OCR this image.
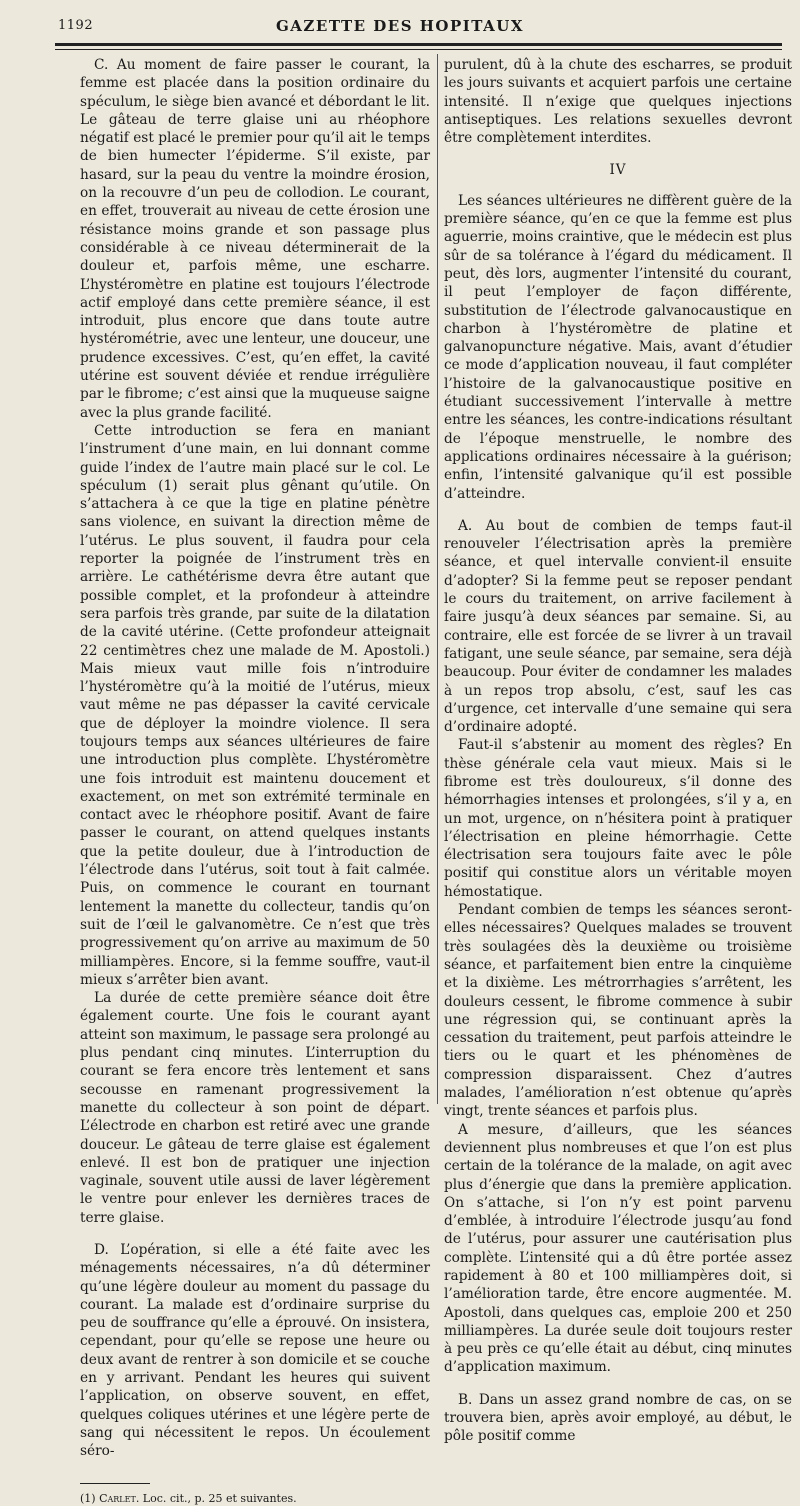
1192	GAZETTE DES HOPITAUX

C. Au moment de faire passer le courant, la femme est placée dans la position ordinaire du spéculum, le siège bien avancé et débordant le lit. Le gâteau de terre glaise uni au rhéophore négatif est placé le premier pour qu’il ait le temps de bien humecter l’épiderme. S’il existe, par hasard, sur la peau du ventre la moindre érosion, on la recouvre d’un peu de collodion. Le courant, en effet, trouverait au niveau de cette érosion une résistance moins grande et son passage plus considérable à ce niveau déterminerait de la douleur et, parfois même, une escharre. L’hystéromètre en platine est toujours l’électrode actif employé dans cette première séance, il est introduit, plus encore que dans toute autre hystérométrie, avec une lenteur, une douceur, une prudence excessives. C’est, qu’en effet, la cavité utérine est souvent déviée et rendue irrégulière par le fibrome; c’est ainsi que la muqueuse saigne avec la plus grande facilité.

Cette introduction se fera en maniant l’instrument d’une main, en lui donnant comme guide l’index de l’autre main placé sur le col. Le spéculum (1) serait plus gênant qu’utile. On s’attachera à ce que la tige en platine pénètre sans violence, en suivant la direction même de l’utérus. Le plus souvent, il faudra pour cela reporter la poignée de l’instrument très en arrière. Le cathétérisme devra être autant que possible complet, et la profondeur à atteindre sera parfois très grande, par suite de la dilatation de la cavité utérine. (Cette profondeur atteignait 22 centimètres chez une malade de M. Apostoli.) Mais mieux vaut mille fois n’introduire l’hystéromètre qu’à la moitié de l’utérus, mieux vaut même ne pas dépasser la cavité cervicale que de déployer la moindre violence. Il sera toujours temps aux séances ultérieures de faire une introduction plus complète. L’hystéromètre une fois introduit est maintenu doucement et exactement, on met son extrémité terminale en contact avec le rhéophore positif. Avant de faire passer le courant, on attend quelques instants que la petite douleur, due à l’introduction de l’électrode dans l’utérus, soit tout à fait calmée. Puis, on commence le courant en tournant lentement la manette du collecteur, tandis qu’on suit de l’œil le galvanomètre. Ce n’est que très progressivement qu’on arrive au maximum de 50 milliampères. Encore, si la femme souffre, vaut-il mieux s’arrêter bien avant.

La durée de cette première séance doit être également courte. Une fois le courant ayant atteint son maximum, le passage sera prolongé au plus pendant cinq minutes. L’interruption du courant se fera encore très lentement et sans secousse en ramenant progressivement la manette du collecteur à son point de départ. L’électrode en charbon est retiré avec une grande douceur. Le gâteau de terre glaise est également enlevé. Il est bon de pratiquer une injection vaginale, souvent utile aussi de laver légèrement le ventre pour enlever les dernières traces de terre glaise.

D. L’opération, si elle a été faite avec les ménagements nécessaires, n’a dû déterminer qu’une légère douleur au moment du passage du courant. La malade est d’ordinaire surprise du peu de souffrance qu’elle a éprouvé. On insistera, cependant, pour qu’elle se repose une heure ou deux avant de rentrer à son domicile et se couche en y arrivant. Pendant les heures qui suivent l’application, on observe souvent, en effet, quelques coliques utérines et une légère perte de sang qui nécessitent le repos. Un écoulement séro-

(1) Carlet. Loc. cit., p. 25 et suivantes.

purulent, dû à la chute des escharres, se produit les jours suivants et acquiert parfois une certaine intensité. Il n’exige que quelques injections antiseptiques. Les relations sexuelles devront être complètement interdites.

IV

Les séances ultérieures ne diffèrent guère de la première séance, qu’en ce que la femme est plus aguerrie, moins craintive, que le médecin est plus sûr de sa tolérance à l’égard du médicament. Il peut, dès lors, augmenter l’intensité du courant, il peut l’employer de façon différente, substitution de l’électrode galvanocaustique en charbon à l’hystéromètre de platine et galvanopuncture négative. Mais, avant d’étudier ce mode d’application nouveau, il faut compléter l’histoire de la galvanocaustique positive en étudiant successivement l’intervalle à mettre entre les séances, les contre-indications résultant de l’époque menstruelle, le nombre des applications ordinaires nécessaire à la guérison; enfin, l’intensité galvanique qu’il est possible d’atteindre.

A. Au bout de combien de temps faut-il renouveler l’électrisation après la première séance, et quel intervalle convient-il ensuite d’adopter? Si la femme peut se reposer pendant le cours du traitement, on arrive facilement à faire jusqu’à deux séances par semaine. Si, au contraire, elle est forcée de se livrer à un travail fatigant, une seule séance, par semaine, sera déjà beaucoup. Pour éviter de condamner les malades à un repos trop absolu, c’est, sauf les cas d’urgence, cet intervalle d’une semaine qui sera d’ordinaire adopté.

Faut-il s’abstenir au moment des règles? En thèse générale cela vaut mieux. Mais si le fibrome est très douloureux, s’il donne des hémorrhagies intenses et prolongées, s’il y a, en un mot, urgence, on n’hésitera point à pratiquer l’électrisation en pleine hémorrhagie. Cette électrisation sera toujours faite avec le pôle positif qui constitue alors un véritable moyen hémostatique.

Pendant combien de temps les séances seront-elles nécessaires? Quelques malades se trouvent très soulagées dès la deuxième ou troisième séance, et parfaitement bien entre la cinquième et la dixième. Les métrorrhagies s’arrêtent, les douleurs cessent, le fibrome commence à subir une régression qui, se continuant après la cessation du traitement, peut parfois atteindre le tiers ou le quart et les phénomènes de compression disparaissent. Chez d’autres malades, l’amélioration n’est obtenue qu’après vingt, trente séances et parfois plus.

A mesure, d’ailleurs, que les séances deviennent plus nombreuses et que l’on est plus certain de la tolérance de la malade, on agit avec plus d’énergie que dans la première application. On s’attache, si l’on n’y est point parvenu d’emblée, à introduire l’électrode jusqu’au fond de l’utérus, pour assurer une cautérisation plus complète. L’intensité qui a dû être portée assez rapidement à 80 et 100 milliampères doit, si l’amélioration tarde, être encore augmentée. M. Apostoli, dans quelques cas, emploie 200 et 250 milliampères. La durée seule doit toujours rester à peu près ce qu’elle était au début, cinq minutes d’application maximum.

B. Dans un assez grand nombre de cas, on se trouvera bien, après avoir employé, au début, le pôle positif comme
